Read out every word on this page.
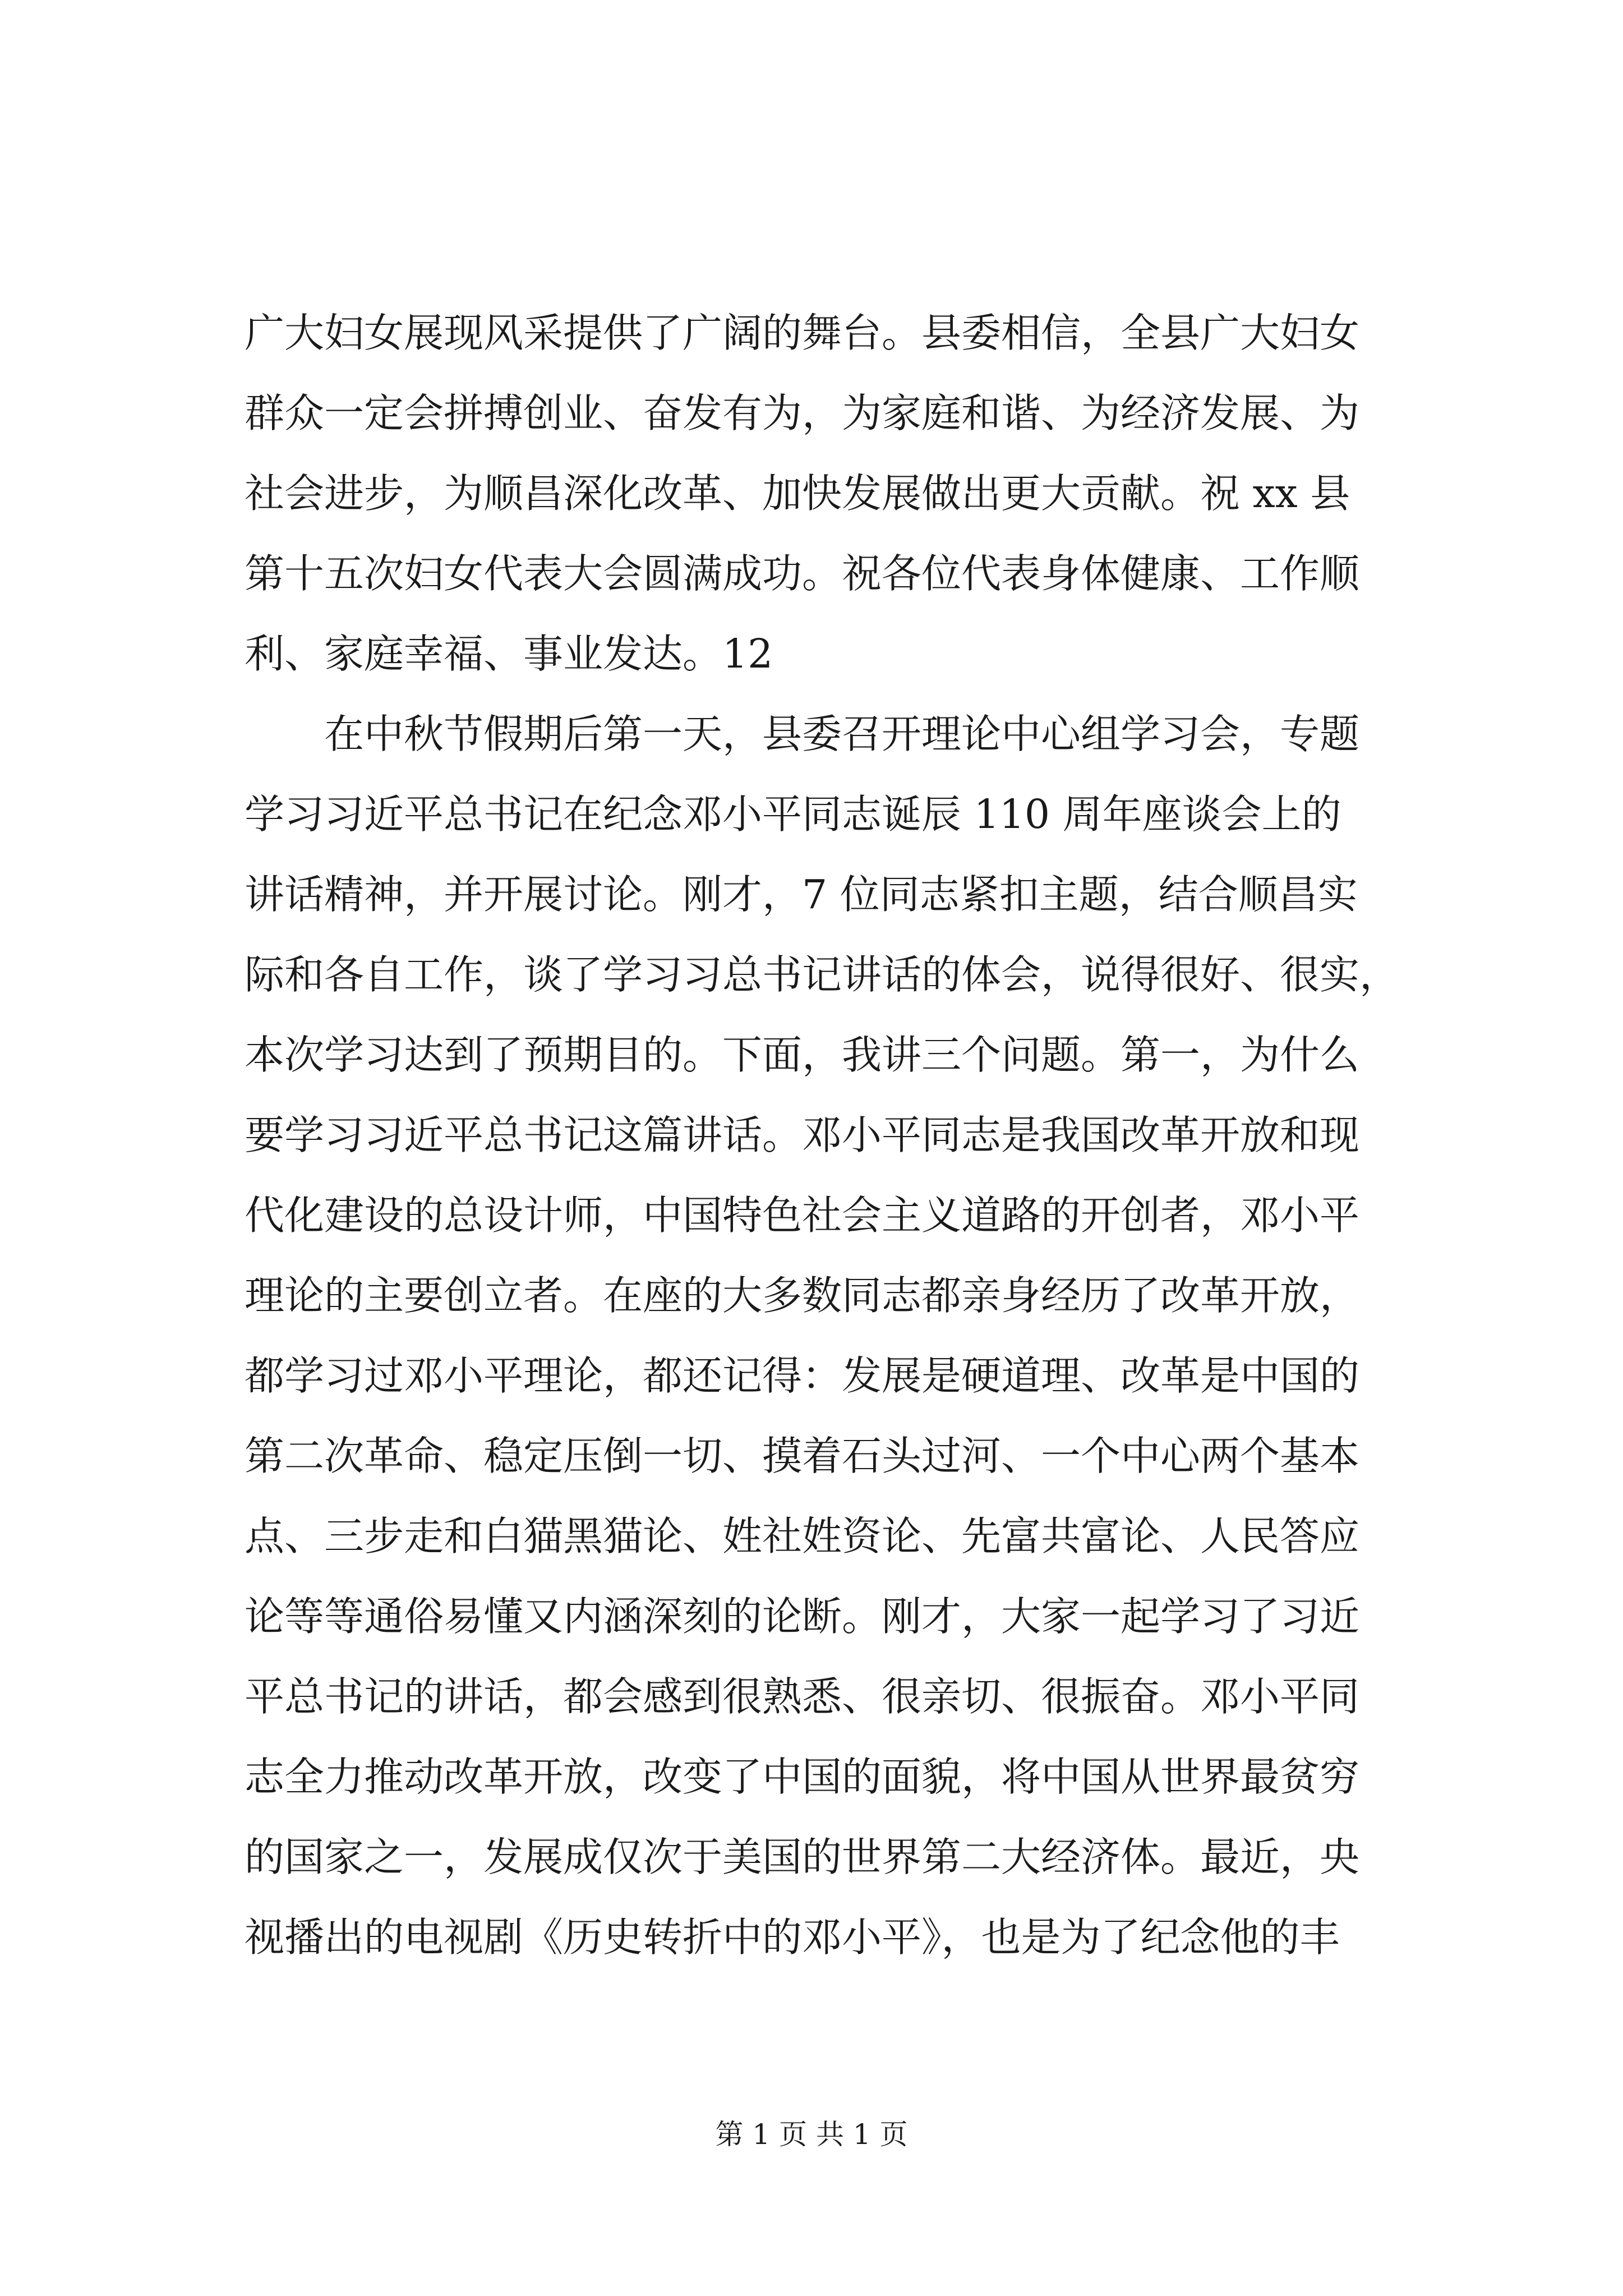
广大妇女展现风采提供了广阔的舞台。县委相信，全县广大妇女
群众一定会拼搏创业、奋发有为，为家庭和谐、为经济发展、为
社会进步，为顺昌深化改革、加快发展做出更大贡献。祝 xx 县
第十五次妇女代表大会圆满成功。祝各位代表身体健康、工作顺
利、家庭幸福、事业发达。12
　　在中秋节假期后第一天，县委召开理论中心组学习会，专题
学习习近平总书记在纪念邓小平同志诞辰 110 周年座谈会上的
讲话精神，并开展讨论。刚才，7 位同志紧扣主题，结合顺昌实
际和各自工作，谈了学习习总书记讲话的体会，说得很好、很实，
本次学习达到了预期目的。下面，我讲三个问题。第一，为什么
要学习习近平总书记这篇讲话。邓小平同志是我国改革开放和现
代化建设的总设计师，中国特色社会主义道路的开创者，邓小平
理论的主要创立者。在座的大多数同志都亲身经历了改革开放，
都学习过邓小平理论，都还记得：发展是硬道理、改革是中国的
第二次革命、稳定压倒一切、摸着石头过河、一个中心两个基本
点、三步走和白猫黑猫论、姓社姓资论、先富共富论、人民答应
论等等通俗易懂又内涵深刻的论断。刚才，大家一起学习了习近
平总书记的讲话，都会感到很熟悉、很亲切、很振奋。邓小平同
志全力推动改革开放，改变了中国的面貌，将中国从世界最贫穷
的国家之一，发展成仅次于美国的世界第二大经济体。最近，央
视播出的电视剧《历史转折中的邓小平》，也是为了纪念他的丰
第 1 页 共 1 页
